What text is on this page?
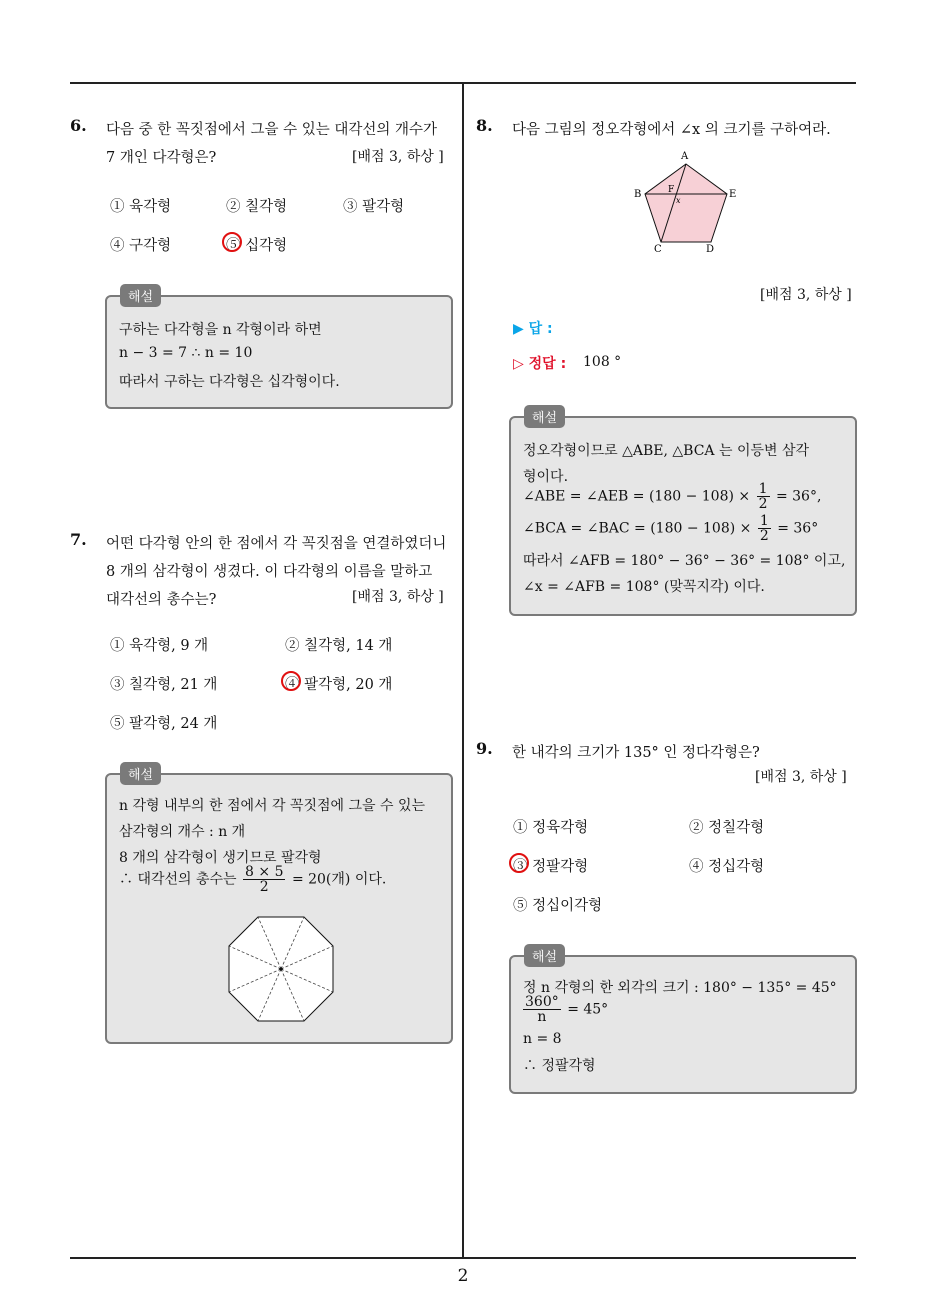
2
6. 다음 중 한 꼭짓점에서 그을 수 있는 대각선의 개수가
7 개인 다각형은?	[배점 3, 하상 ]
① 육각형	② 칠각형	③ 팔각형
④ 구각형	⑤ 십각형
구하는 다각형을 n 각형이라 하면
n − 3 = 7 ∴ n = 10
따라서 구하는 다각형은 십각형이다.
해설
7. 어떤 다각형 안의 한 점에서 각 꼭짓점을 연결하였더니
8 개의 삼각형이 생겼다. 이 다각형의 이름을 말하고
대각선의 총수는?	[배점 3, 하상 ]
① 육각형, 9 개	② 칠각형, 14 개
③ 칠각형, 21 개	④ 팔각형, 20 개
⑤ 팔각형, 24 개
n 각형 내부의 한 점에서 각 꼭짓점에 그을 수 있는
삼각형의 개수 : n 개
8 개의 삼각형이 생기므로 팔각형
∴ 대각선의 총수는 $\frac{8 \times 5}{2} = 20$(개) 이다.
해설
8. 다음 그림의 정오각형에서 ∠x 의 크기를 구하여라.
A
B
C	D
E
F
x
[배점 3, 하상 ]
▶ 답 :
▷ 정답 : 108 °
정오각형이므로 △ABE, △BCA 는 이등변 삼각
형이다.
∠ABE = ∠AEB = $(180 - 108) \times \frac{1}{2} = 36^\circ$,
∠BCA = ∠BAC = $(180 - 108) \times \frac{1}{2} = 36^\circ$
따라서 ∠AFB = 180° − 36° − 36° = 108° 이고,
∠x = ∠AFB = 108° (맞꼭지각) 이다.
해설
9. 한 내각의 크기가 135° 인 정다각형은?
[배점 3, 하상 ]
① 정육각형	② 정칠각형
③ 정팔각형	④ 정십각형
⑤ 정십이각형
정 n 각형의 한 외각의 크기 : 180° − 135° = 45°
$\frac{360^\circ}{n} = 45^\circ$
n = 8
∴ 정팔각형
해설
